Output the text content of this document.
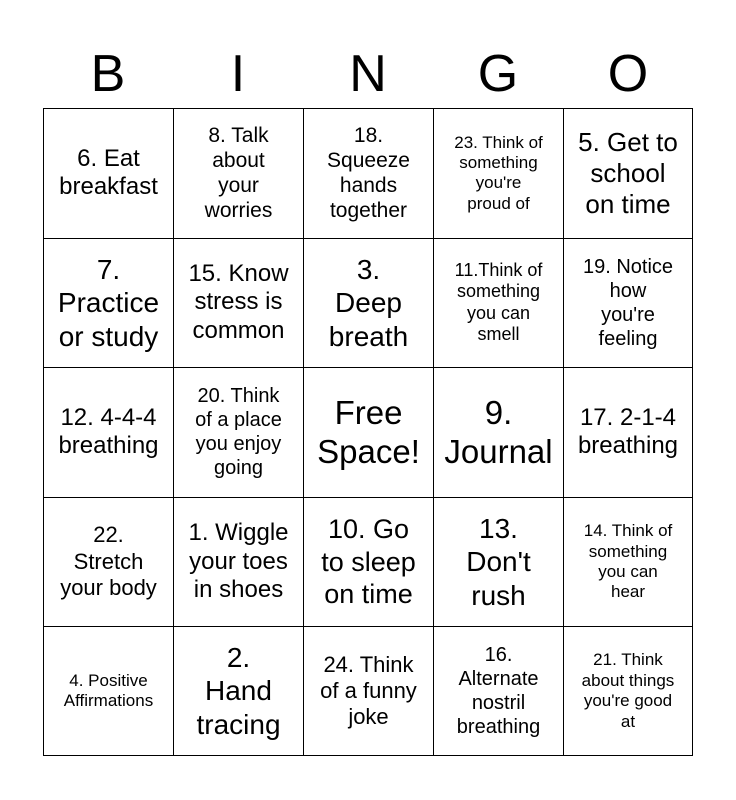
B	I	N	G	O
6. Eat
breakfast
8. Talk
about
your
worries
18.
Squeeze
hands
together
23. Think of
something
you're
proud of
5. Get to
school
on time
7.
Practice
or study
15. Know
stress is
common
3.
Deep
breath
11.Think of
something
you can
smell
19. Notice
how
you're
feeling
12. 4-4-4
breathing
20. Think
of a place
you enjoy
going
Free
Space!
9.
Journal
17. 2-1-4
breathing
22.
Stretch
your body
1. Wiggle
your toes
in shoes
10. Go
to sleep
on time
13.
Don't
rush
14. Think of
something
you can
hear
4. Positive
Affirmations
2.
Hand
tracing
24. Think
of a funny
joke
16.
Alternate
nostril
breathing
21. Think
about things
you're good
at
